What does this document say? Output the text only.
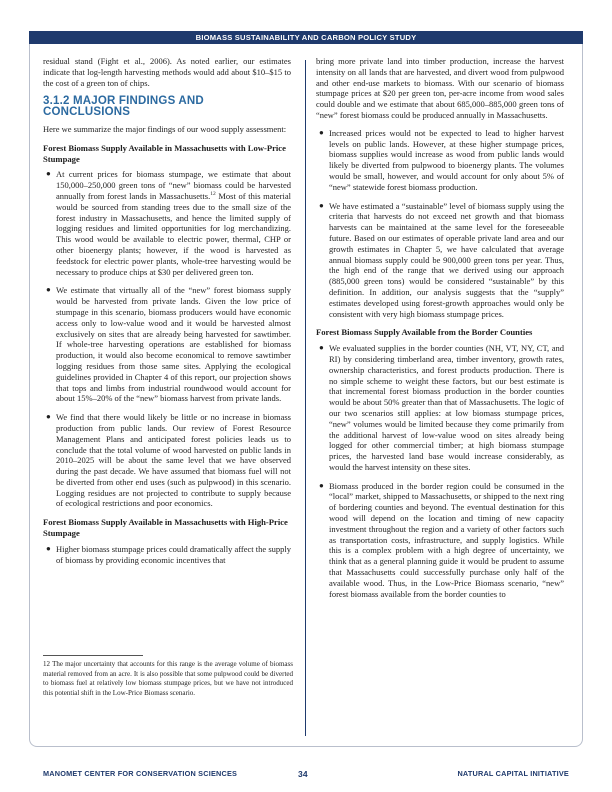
BIOMASS SUSTAINABILITY AND CARBON POLICY STUDY

residual stand (Fight et al., 2006). As noted earlier, our estimates indicate that log-length harvesting methods would add about $10–$15 to the cost of a green ton of chips.

3.1.2 MAJOR FINDINGS AND CONCLUSIONS

Here we summarize the major findings of our wood supply assessment:

Forest Biomass Supply Available in Massachusetts with Low-Price Stumpage
● At current prices for biomass stumpage, we estimate that about 150,000–250,000 green tons of “new” biomass could be harvested annually from forest lands in Massachusetts.$^{12}$ Most of this material would be sourced from standing trees due to the small size of the forest industry in Massachusetts, and hence the limited supply of logging residues and limited opportunities for log merchandizing. This wood would be available to electric power, thermal, CHP or other bioenergy plants; however, if the wood is harvested as feedstock for electric power plants, whole-tree harvesting would be necessary to produce chips at $30 per delivered green ton.
● We estimate that virtually all of the “new” forest biomass supply would be harvested from private lands. Given the low price of stumpage in this scenario, biomass producers would have economic access only to low-value wood and it would be harvested almost exclusively on sites that are already being harvested for sawtimber. If whole-tree harvesting operations are established for biomass production, it would also become economical to remove sawtimber logging residues from those same sites. Applying the ecological guidelines provided in Chapter 4 of this report, our projection shows that tops and limbs from industrial roundwood would account for about 15%–20% of the “new” biomass harvest from private lands.
● We find that there would likely be little or no increase in biomass production from public lands. Our review of Forest Resource Management Plans and anticipated forest policies leads us to conclude that the total volume of wood harvested on public lands in 2010–2025 will be about the same level that we have observed during the past decade. We have assumed that biomass fuel will not be diverted from other end uses (such as pulpwood) in this scenario. Logging residues are not projected to contribute to supply because of ecological restrictions and poor economics.
Forest Biomass Supply Available in Massachusetts with High-Price Stumpage
● Higher biomass stumpage prices could dramatically affect the supply of biomass by providing economic incentives that
12 The major uncertainty that accounts for this range is the average volume of biomass material removed from an acre. It is also possible that some pulpwood could be diverted to biomass fuel at relatively low biomass stumpage prices, but we have not introduced this potential shift in the Low-Price Biomass scenario.

bring more private land into timber production, increase the harvest intensity on all lands that are harvested, and divert wood from pulpwood and other end-use markets to biomass. With our scenario of biomass stumpage prices at $20 per green ton, per-acre income from wood sales could double and we estimate that about 685,000–885,000 green tons of “new” forest biomass could be produced annually in Massachusetts.

● Increased prices would not be expected to lead to higher harvest levels on public lands. However, at these higher stumpage prices, biomass supplies would increase as wood from public lands would likely be diverted from pulpwood to bioenergy plants. The volumes would be small, however, and would account for only about 5% of “new” statewide forest biomass production.
● We have estimated a “sustainable” level of biomass supply using the criteria that harvests do not exceed net growth and that biomass harvests can be maintained at the same level for the foreseeable future. Based on our estimates of operable private land area and our growth estimates in Chapter 5, we have calculated that average annual biomass supply could be 900,000 green tons per year. Thus, the high end of the range that we derived using our approach (885,000 green tons) would be considered “sustainable” by this definition. In addition, our analysis suggests that the “supply” estimates developed using forest-growth approaches would only be consistent with very high biomass stumpage prices.
Forest Biomass Supply Available from the Border Counties
● We evaluated supplies in the border counties (NH, VT, NY, CT, and RI) by considering timberland area, timber inventory, growth rates, ownership characteristics, and forest products production. There is no simple scheme to weight these factors, but our best estimate is that incremental forest biomass production in the border counties would be about 50% greater than that of Massachusetts. The logic of our two scenarios still applies: at low biomass stumpage prices, “new” volumes would be limited because they come primarily from the additional harvest of low-value wood on sites already being logged for other commercial timber; at high biomass stumpage prices, the harvested land base would increase considerably, as would the harvest intensity on these sites.
● Biomass produced in the border region could be consumed in the “local” market, shipped to Massachusetts, or shipped to the next ring of bordering counties and beyond. The eventual destination for this wood will depend on the location and timing of new capacity investment throughout the region and a variety of other factors such as transportation costs, infrastructure, and supply logistics. While this is a complex problem with a high degree of uncertainty, we think that as a general planning guide it would be prudent to assume that Massachusetts could successfully purchase only half of the available wood. Thus, in the Low-Price Biomass scenario, “new” forest biomass available from the border counties to
MANOMET CENTER FOR CONSERVATION SCIENCES	34	NATURAL CAPITAL INITIATIVE
